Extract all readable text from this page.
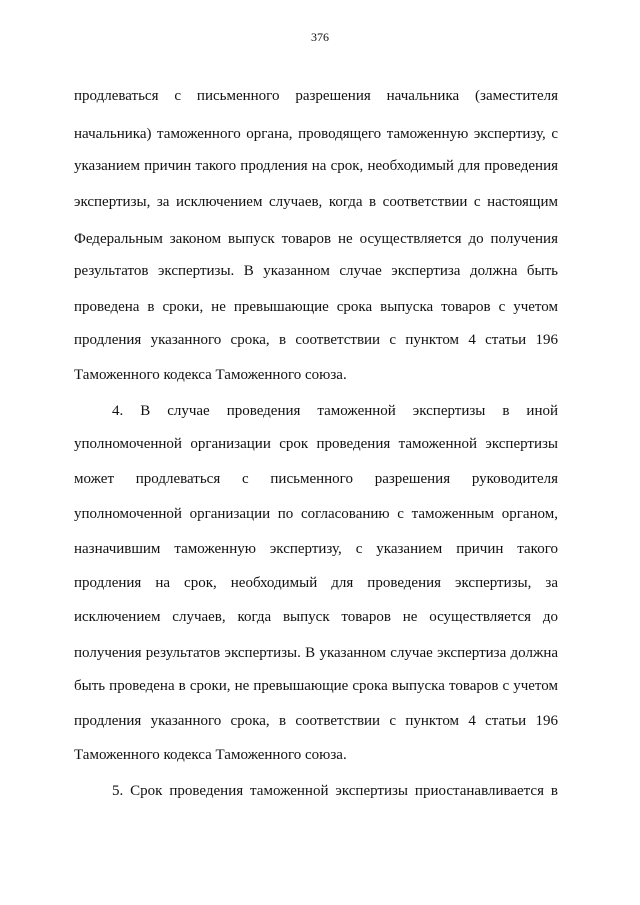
376
продлеваться с письменного разрешения начальника (заместителя
начальника) таможенного органа, проводящего таможенную экспертизу, с
указанием причин такого продления на срок, необходимый для проведения
экспертизы, за исключением случаев, когда в соответствии с настоящим
Федеральным законом выпуск товаров не осуществляется до получения
результатов экспертизы. В указанном случае экспертиза должна быть
проведена в сроки, не превышающие срока выпуска товаров с учетом
продления указанного срока, в соответствии с пунктом 4 статьи 196
Таможенного кодекса Таможенного союза.
4. В случае проведения таможенной экспертизы в иной
уполномоченной организации срок проведения таможенной экспертизы
может продлеваться с письменного разрешения руководителя
уполномоченной организации по согласованию с таможенным органом,
назначившим таможенную экспертизу, с указанием причин такого
продления на срок, необходимый для проведения экспертизы, за
исключением случаев, когда выпуск товаров не осуществляется до
получения результатов экспертизы. В указанном случае экспертиза должна
быть проведена в сроки, не превышающие срока выпуска товаров с учетом
продления указанного срока, в соответствии с пунктом 4 статьи 196
Таможенного кодекса Таможенного союза.
5. Срок проведения таможенной экспертизы приостанавливается в
